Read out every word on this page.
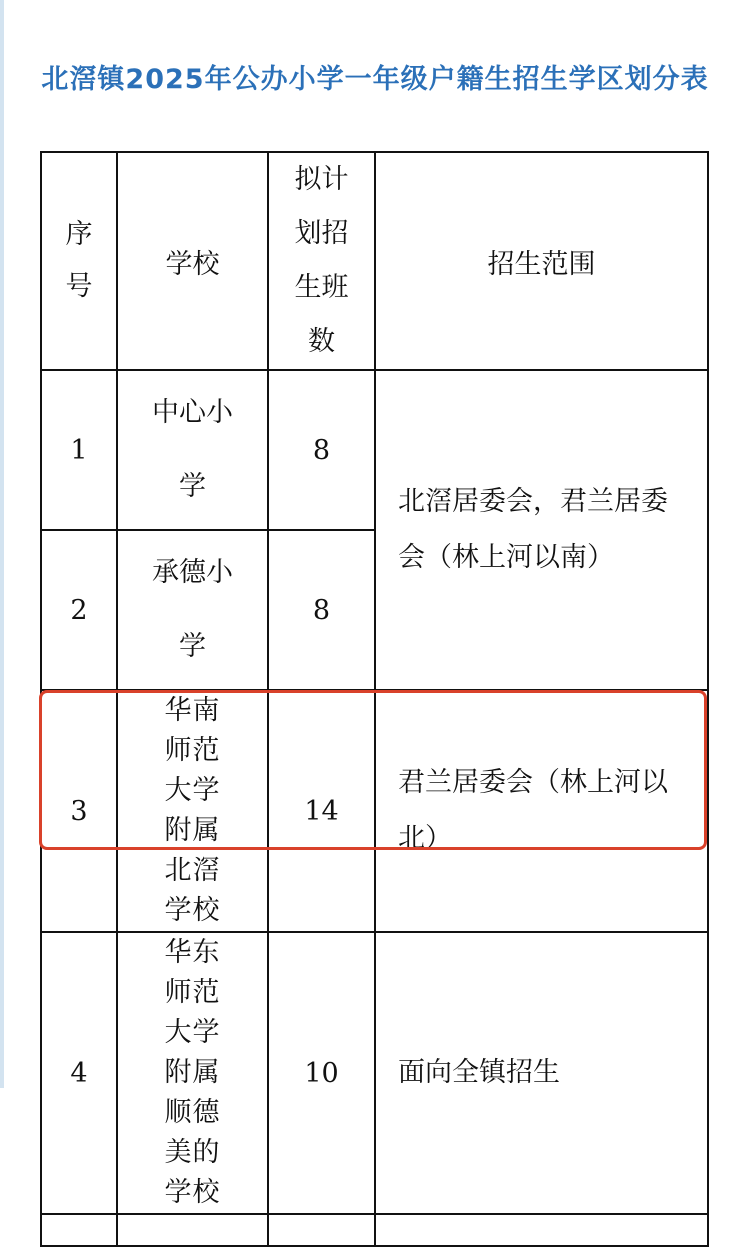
北滘镇2025年公办小学一年级户籍生招生学区划分表
序号	学校	拟计划招生班数	招生范围
1	中心小学	8	北滘居委会，君兰居委会（林上河以南）
2	承德小学	8	
3	华南师范大学附属北滘学校	14	君兰居委会（林上河以北）
4	华东师范大学附属顺德美的学校	10	面向全镇招生
